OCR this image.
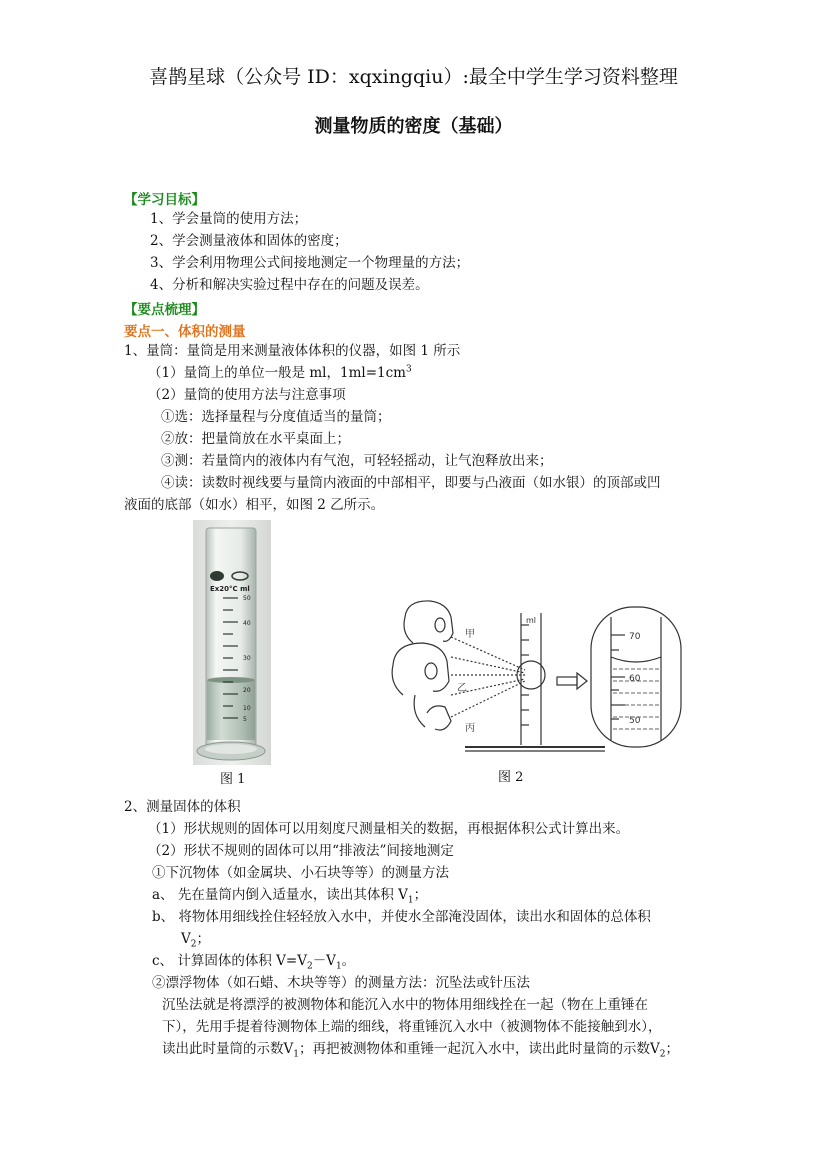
喜鹊星球（公众号 ID：xqxingqiu）:最全中学生学习资料整理
测量物质的密度（基础）
【学习目标】
1、学会量筒的使用方法；
2、学会测量液体和固体的密度；
3、学会利用物理公式间接地测定一个物理量的方法；
4、分析和解决实验过程中存在的问题及误差。
【要点梳理】
要点一、体积的测量
1、量筒：量筒是用来测量液体体积的仪器，如图 1 所示
（1）量筒上的单位一般是 ml，$1ml=1cm^3$
（2）量筒的使用方法与注意事项
①选：选择量程与分度值适当的量筒；
②放：把量筒放在水平桌面上；
③测：若量筒内的液体内有气泡，可轻轻摇动，让气泡释放出来；
④读：读数时视线要与量筒内液面的中部相平，即要与凸液面（如水银）的顶部或凹
液面的底部（如水）相平，如图 2 乙所示。
Ex20°C ml
50
40
30
20
10
5
图 1
甲
乙
丙
ml
70
60
50
图 2
2、测量固体的体积
（1）形状规则的固体可以用刻度尺测量相关的数据，再根据体积公式计算出来。
（2）形状不规则的固体可以用“排液法”间接地测定
①下沉物体（如金属块、小石块等等）的测量方法
a、 先在量筒内倒入适量水，读出其体积 $V_1$；
b、 将物体用细线拴住轻轻放入水中，并使水全部淹没固体，读出水和固体的总体积
$V_2$；
c、 计算固体的体积 $V=V_2-V_1$。
②漂浮物体（如石蜡、木块等等）的测量方法：沉坠法或针压法
沉坠法就是将漂浮的被测物体和能沉入水中的物体用细线拴在一起（物在上重锤在
下），先用手提着待测物体上端的细线，将重锤沉入水中（被测物体不能接触到水），
读出此时量筒的示数$V_1$；再把被测物体和重锤一起沉入水中，读出此时量筒的示数$V_2$；
